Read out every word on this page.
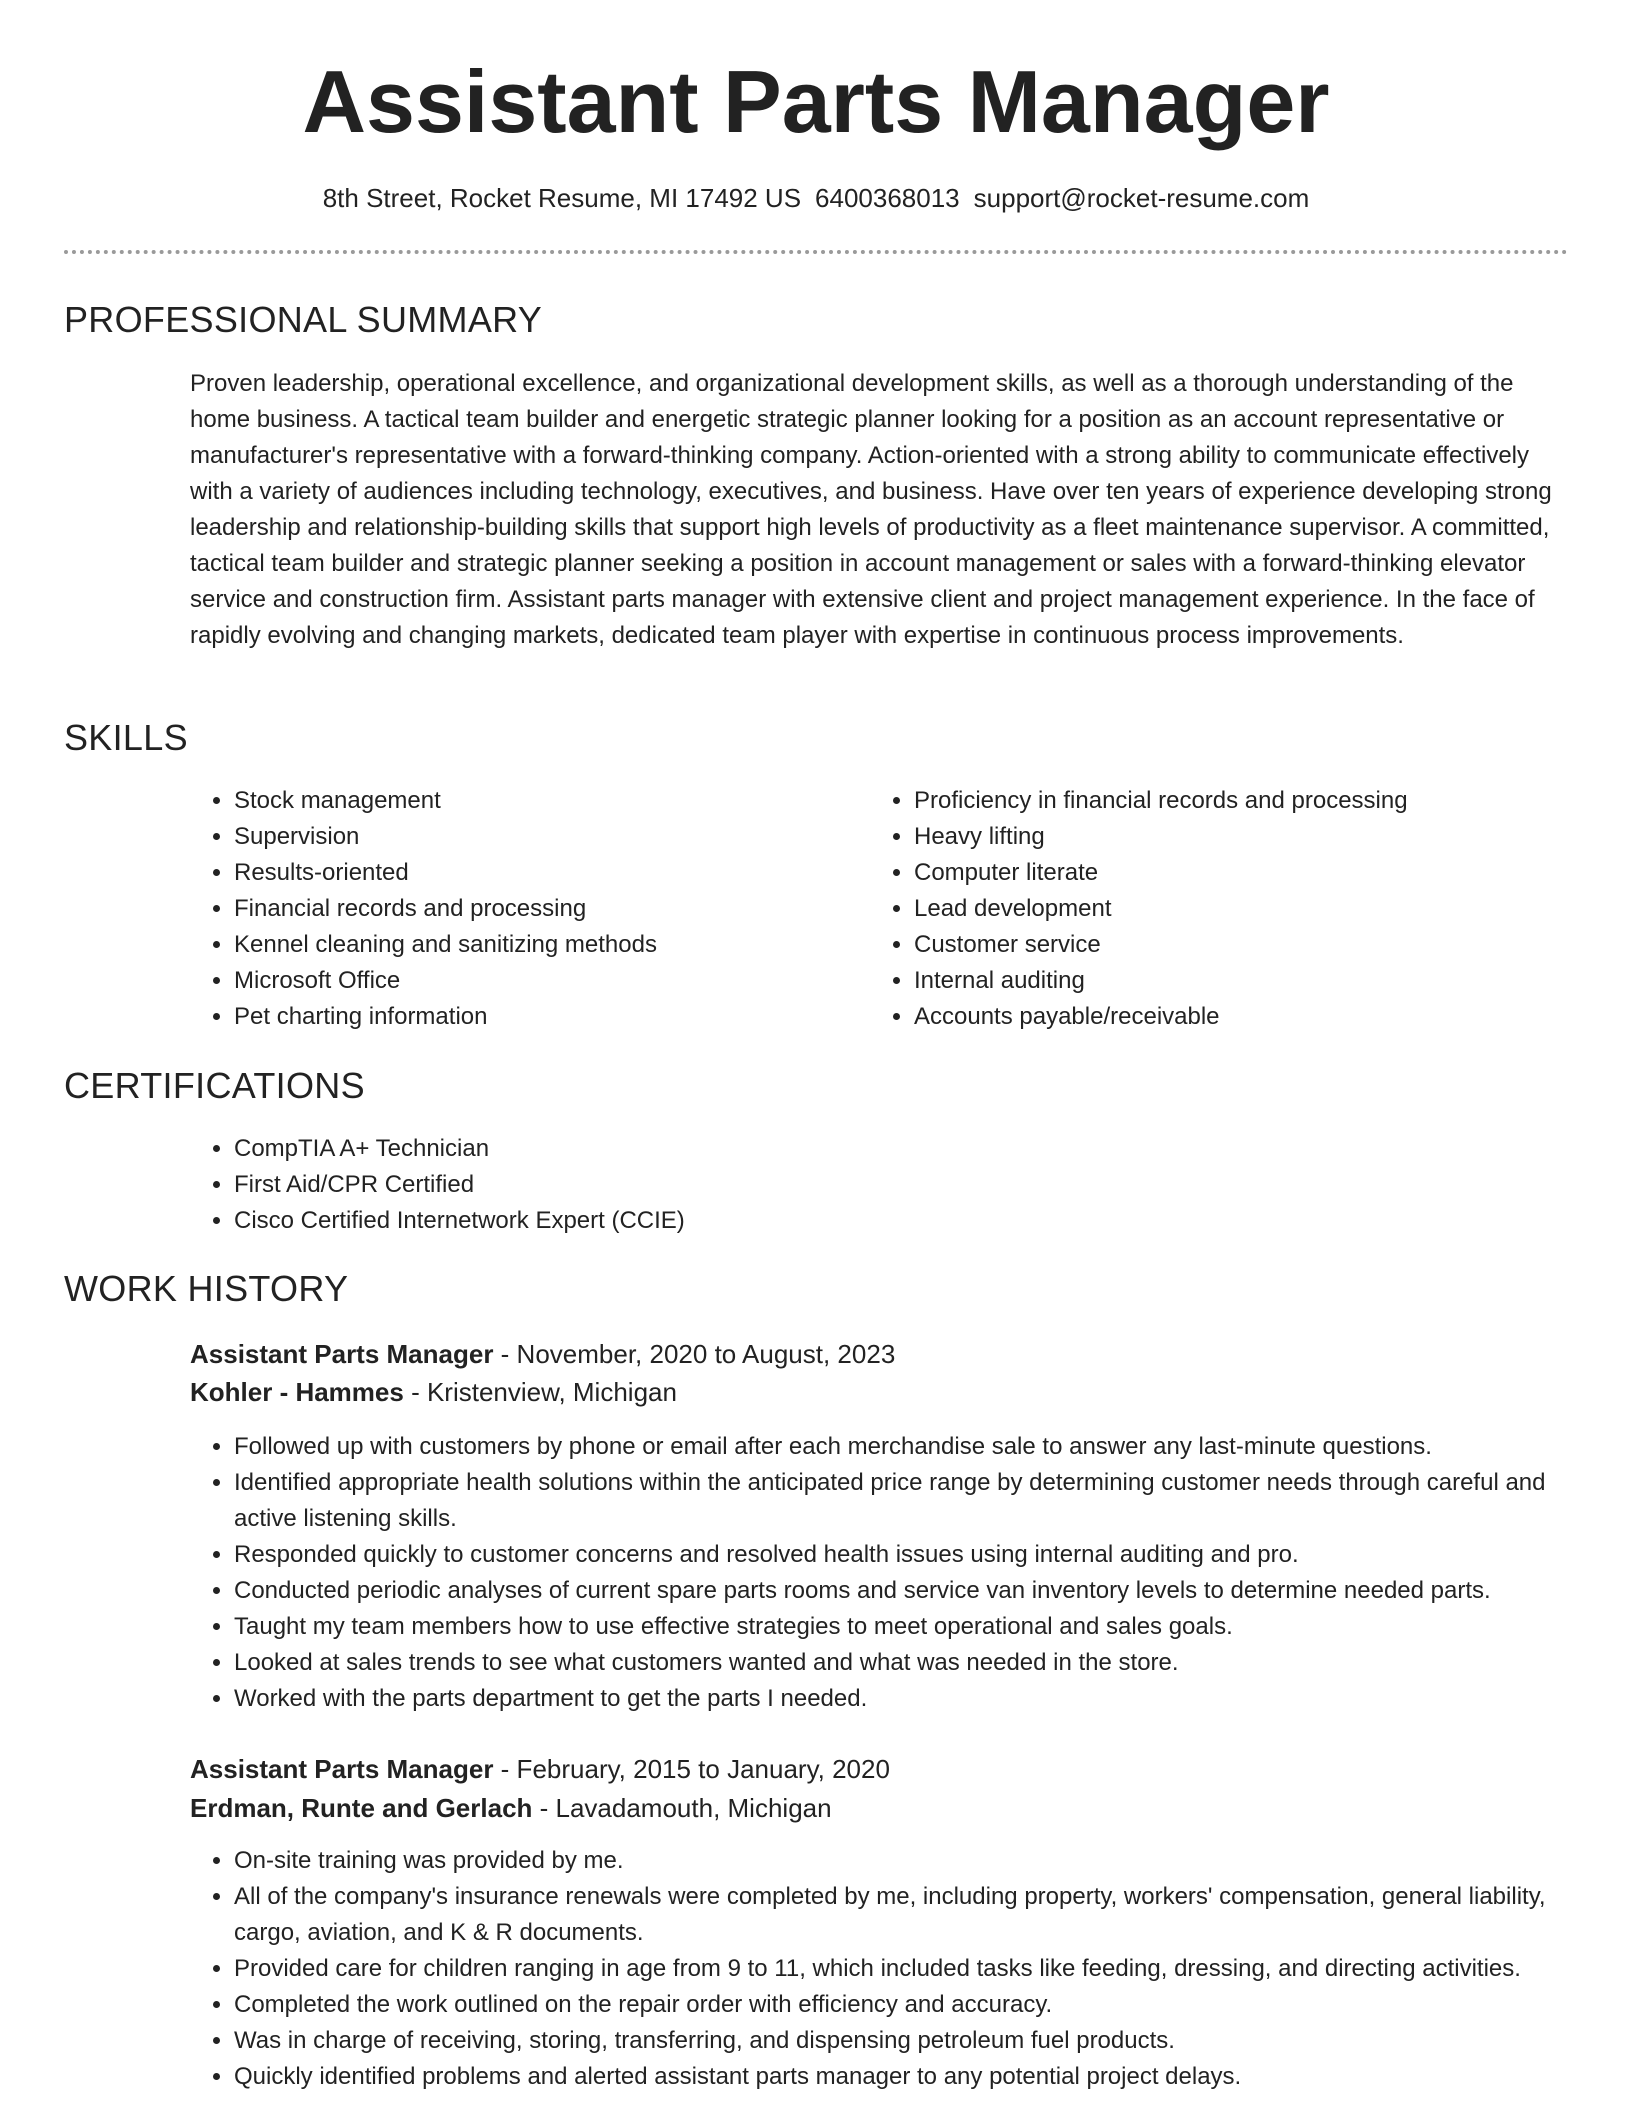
Assistant Parts Manager
8th Street, Rocket Resume, MI 17492 US 6400368013 support@rocket-resume.com
PROFESSIONAL SUMMARY

Proven leadership, operational excellence, and organizational development skills, as well as a thorough understanding of the home business. A tactical team builder and energetic strategic planner looking for a position as an account representative or manufacturer's representative with a forward-thinking company. Action-oriented with a strong ability to communicate effectively with a variety of audiences including technology, executives, and business. Have over ten years of experience developing strong leadership and relationship-building skills that support high levels of productivity as a fleet maintenance supervisor. A committed, tactical team builder and strategic planner seeking a position in account management or sales with a forward-thinking elevator service and construction firm. Assistant parts manager with extensive client and project management experience. In the face of rapidly evolving and changing markets, dedicated team player with expertise in continuous process improvements.

SKILLS
• Stock management
• Supervision
• Results-oriented
• Financial records and processing
• Kennel cleaning and sanitizing methods
• Microsoft Office
• Pet charting information
• Proficiency in financial records and processing
• Heavy lifting
• Computer literate
• Lead development
• Customer service
• Internal auditing
• Accounts payable/receivable
CERTIFICATIONS
• CompTIA A+ Technician
• First Aid/CPR Certified
• Cisco Certified Internetwork Expert (CCIE)
WORK HISTORY
Assistant Parts Manager - November, 2020 to August, 2023
Kohler - Hammes - Kristenview, Michigan
• Followed up with customers by phone or email after each merchandise sale to answer any last-minute questions.
• Identified appropriate health solutions within the anticipated price range by determining customer needs through careful and active listening skills.
• Responded quickly to customer concerns and resolved health issues using internal auditing and pro.
• Conducted periodic analyses of current spare parts rooms and service van inventory levels to determine needed parts.
• Taught my team members how to use effective strategies to meet operational and sales goals.
• Looked at sales trends to see what customers wanted and what was needed in the store.
• Worked with the parts department to get the parts I needed.
Assistant Parts Manager - February, 2015 to January, 2020
Erdman, Runte and Gerlach - Lavadamouth, Michigan
• On-site training was provided by me.
• All of the company's insurance renewals were completed by me, including property, workers' compensation, general liability, cargo, aviation, and K & R documents.
• Provided care for children ranging in age from 9 to 11, which included tasks like feeding, dressing, and directing activities.
• Completed the work outlined on the repair order with efficiency and accuracy.
• Was in charge of receiving, storing, transferring, and dispensing petroleum fuel products.
• Quickly identified problems and alerted assistant parts manager to any potential project delays.
